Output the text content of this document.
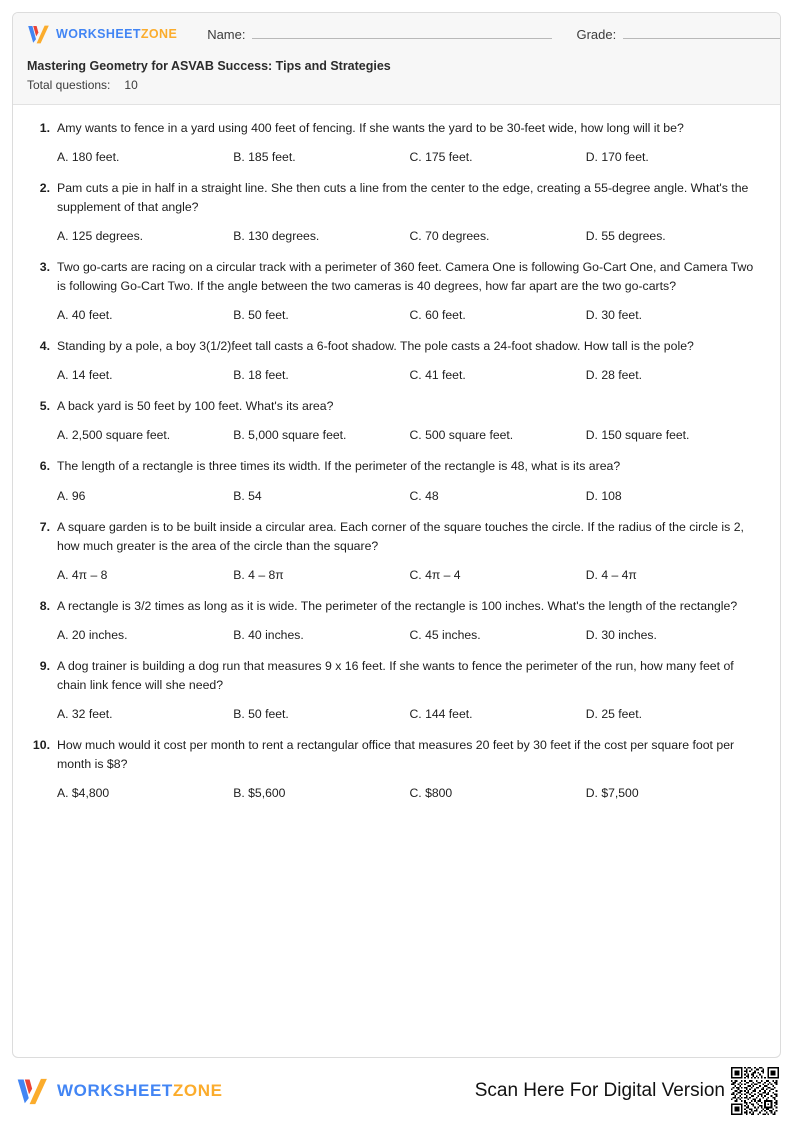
WORKSHEETZONE Name:	Grade:
Mastering Geometry for ASVAB Success: Tips and Strategies
Total questions: 10
1. Amy wants to fence in a yard using 400 feet of fencing. If she wants the yard to be 30-feet wide, how long will it be?
A. 180 feet.	B. 185 feet.	C. 175 feet.	D. 170 feet.
2. Pam cuts a pie in half in a straight line. She then cuts a line from the center to the edge, creating a 55-degree angle. What's the supplement of that angle?
A. 125 degrees.	B. 130 degrees.	C. 70 degrees.	D. 55 degrees.
3. Two go-carts are racing on a circular track with a perimeter of 360 feet. Camera One is following Go-Cart One, and Camera Two is following Go-Cart Two. If the angle between the two cameras is 40 degrees, how far apart are the two go-carts?
A. 40 feet.	B. 50 feet.	C. 60 feet.	D. 30 feet.
4. Standing by a pole, a boy 3(1/2)feet tall casts a 6-foot shadow. The pole casts a 24-foot shadow. How tall is the pole?
A. 14 feet.	B. 18 feet.	C. 41 feet.	D. 28 feet.
5. A back yard is 50 feet by 100 feet. What's its area?
A. 2,500 square feet.	B. 5,000 square feet.	C. 500 square feet.	D. 150 square feet.
6. The length of a rectangle is three times its width. If the perimeter of the rectangle is 48, what is its area?
A. 96	B. 54	C. 48	D. 108
7. A square garden is to be built inside a circular area. Each corner of the square touches the circle. If the radius of the circle is 2, how much greater is the area of the circle than the square?
A. 4π – 8	B. 4 – 8π	C. 4π – 4	D. 4 – 4π
8. A rectangle is 3/2 times as long as it is wide. The perimeter of the rectangle is 100 inches. What's the length of the rectangle?
A. 20 inches.	B. 40 inches.	C. 45 inches.	D. 30 inches.
9. A dog trainer is building a dog run that measures 9 x 16 feet. If she wants to fence the perimeter of the run, how many feet of chain link fence will she need?
A. 32 feet.	B. 50 feet.	C. 144 feet.	D. 25 feet.
10. How much would it cost per month to rent a rectangular office that measures 20 feet by 30 feet if the cost per square foot per month is $8?
A. $4,800	B. $5,600	C. $800	D. $7,500
WORKSHEETZONE	Scan Here For Digital Version
